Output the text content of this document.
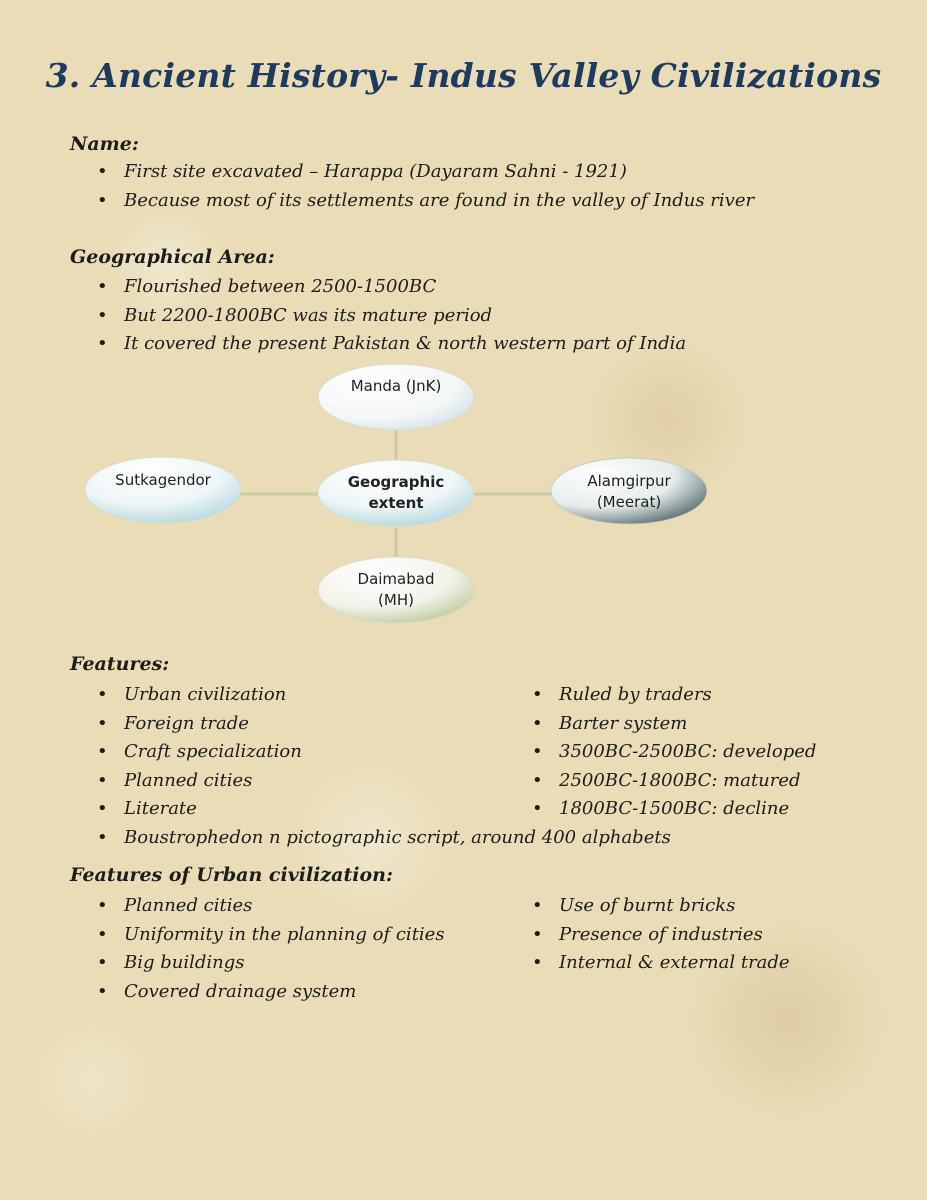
3. Ancient History- Indus Valley Civilizations
Name:
• First site excavated – Harappa (Dayaram Sahni - 1921)
• Because most of its settlements are found in the valley of Indus river
Geographical Area:
• Flourished between 2500-1500BC
• But 2200-1800BC was its mature period
• It covered the present Pakistan & north western part of India
Manda (JnK)
Sutkagendor	Geographic
extent
Alamgirpur
(Meerat)
Daimabad
(MH)
Features:
• Urban civilization
• Foreign trade
• Craft specialization
• Planned cities
• Literate
• Boustrophedon n pictographic script, around 400 alphabets
• Ruled by traders
• Barter system
• 3500BC-2500BC: developed
• 2500BC-1800BC: matured
• 1800BC-1500BC: decline
Features of Urban civilization:
• Planned cities
• Uniformity in the planning of cities
• Big buildings
• Covered drainage system
• Use of burnt bricks
• Presence of industries
• Internal & external trade
